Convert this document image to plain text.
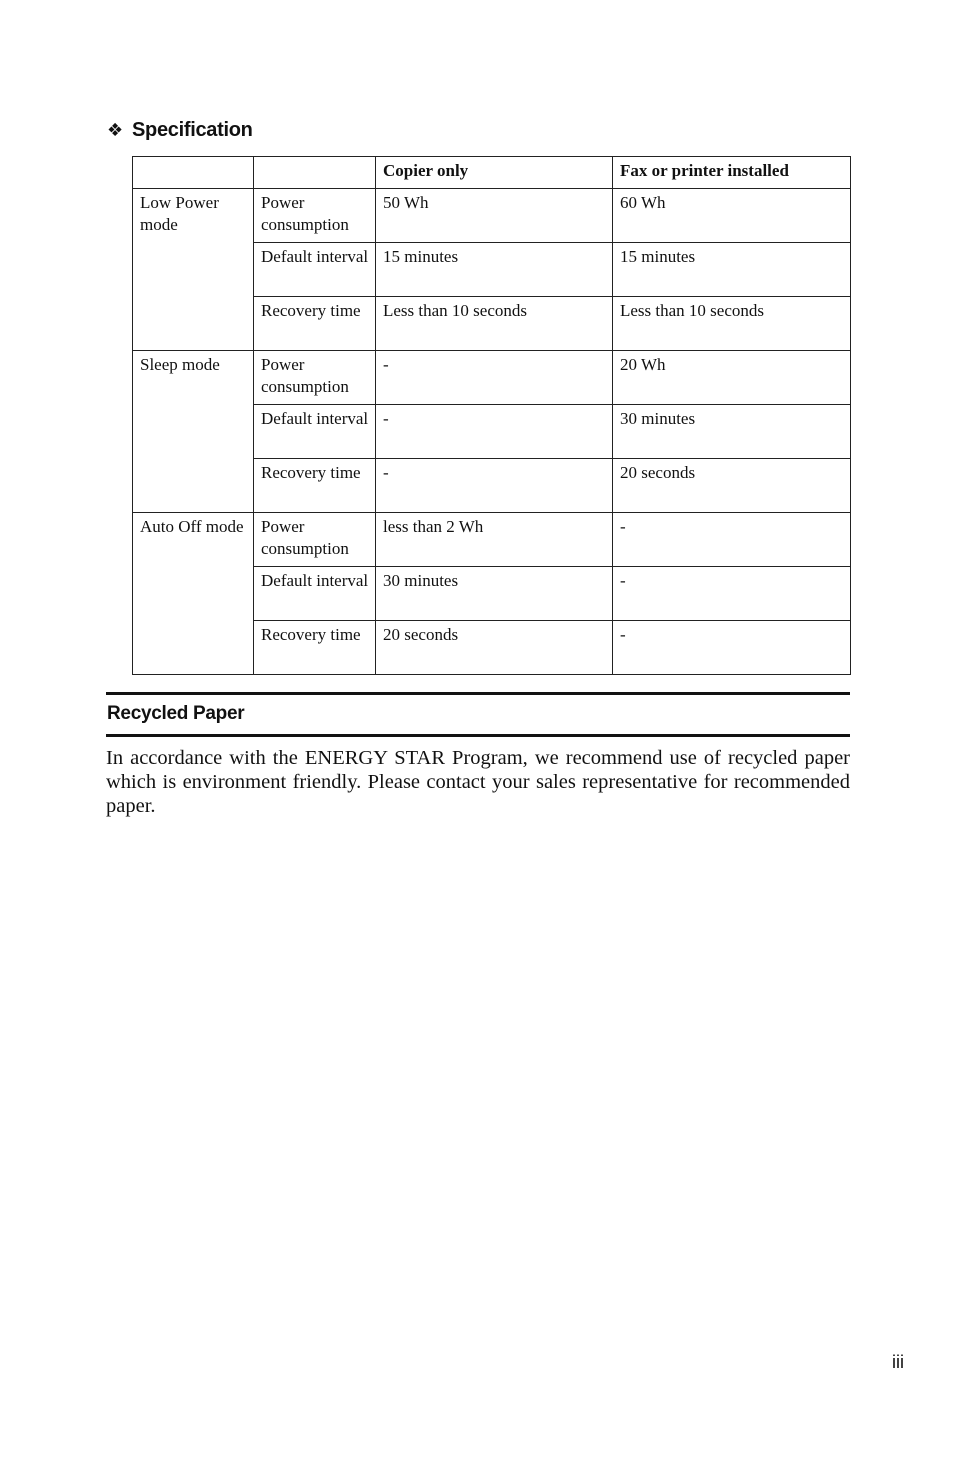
❖ Specification
		Copier only	Fax or printer installed
Low Power mode	Power consumption	50 Wh	60 Wh
	Default interval	15 minutes	15 minutes
	Recovery time	Less than 10 seconds	Less than 10 seconds
Sleep mode	Power consumption	-	20 Wh
	Default interval	-	30 minutes
	Recovery time	-	20 seconds
Auto Off mode	Power consumption	less than 2 Wh	-
	Default interval	30 minutes	-
	Recovery time	20 seconds	-
Recycled Paper

In accordance with the ENERGY STAR Program, we recommend use of recycled paper which is environment friendly. Please contact your sales representative for recommended paper.

iii
